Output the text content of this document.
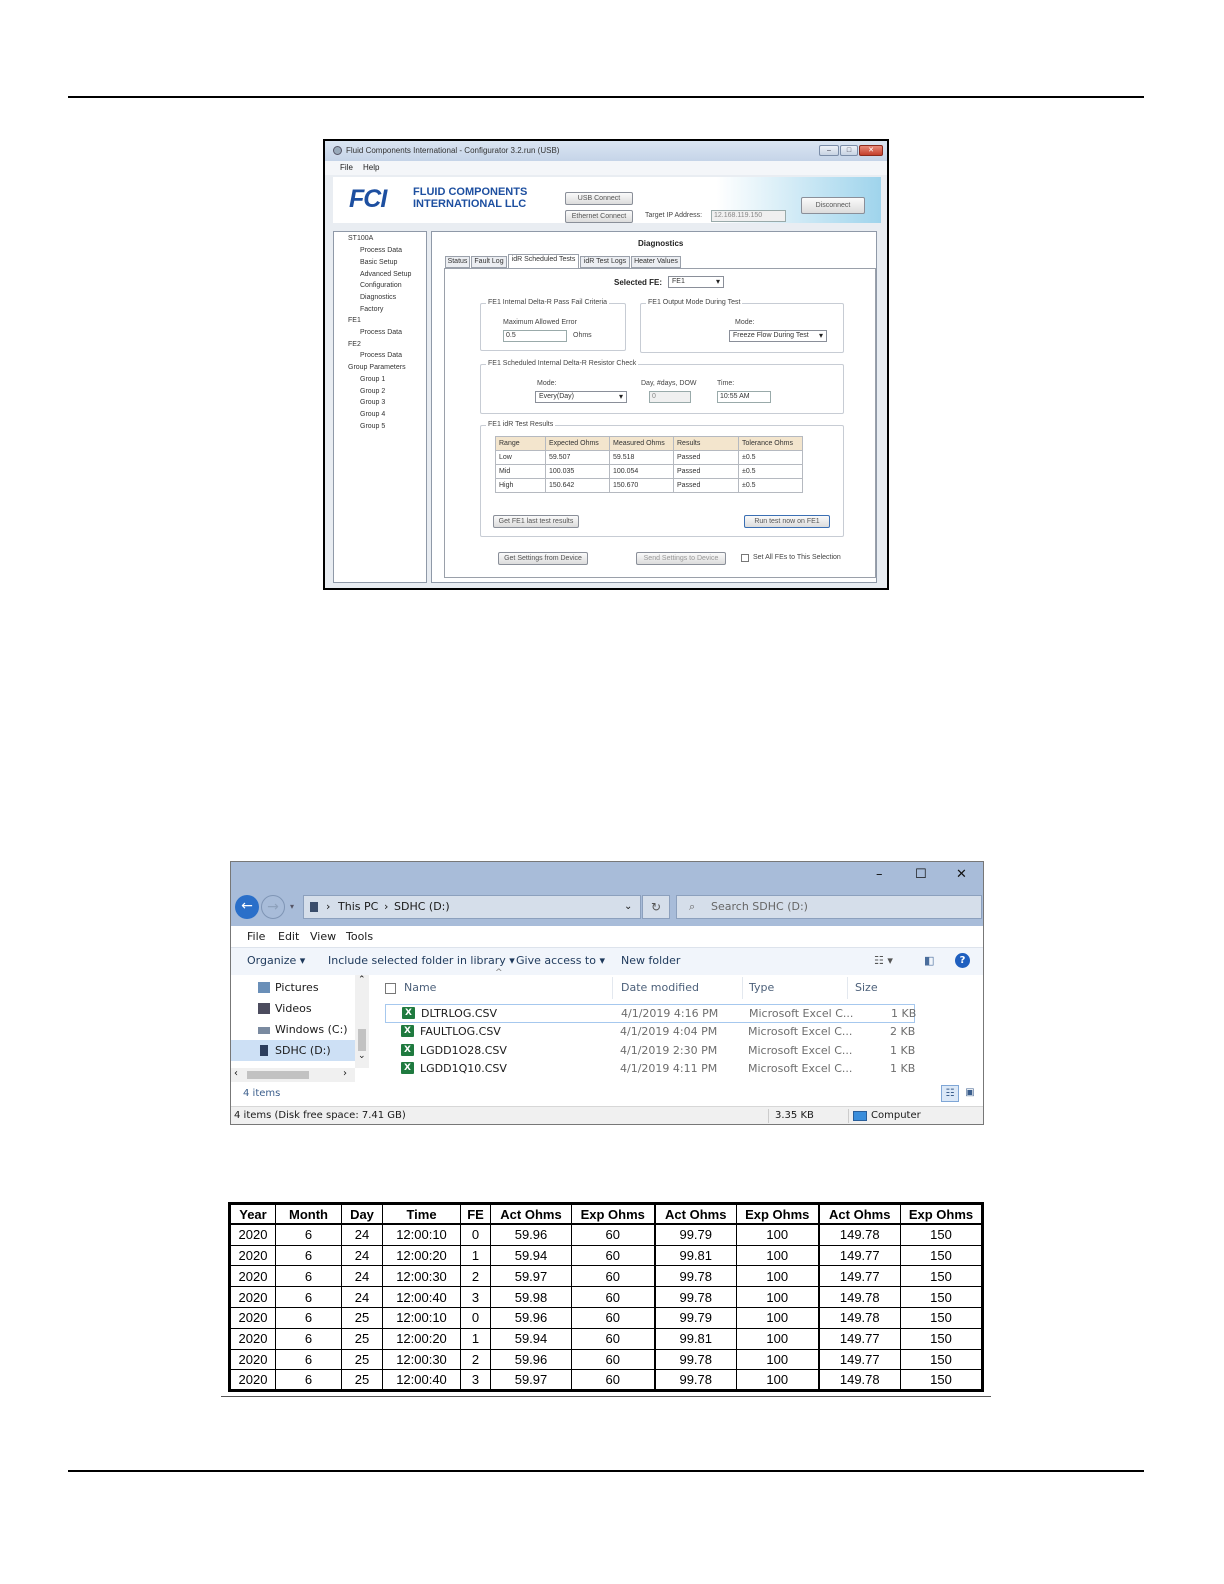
Fluid Components International - Configurator 3.2.run (USB)	–	□	✕
File Help
FCI FLUID COMPONENTS
INTERNATIONAL LLC	USB Connect
Ethernet Connect	Target IP Address:	12.168.119.150
Disconnect
ST100A
Process Data
Basic Setup
Advanced Setup
Configuration
Diagnostics
Factory
FE1
Process Data
FE2
Process Data
Group Parameters
Group 1
Group 2
Group 3
Group 4
Group 5
Diagnostics
Status Fault Log	idR Scheduled Tests	idR Test Logs	Heater Values
Selected FE:	FE1 ▾
FE1 Internal Delta-R Pass Fail Criteria
Maximum Allowed Error
0.5	Ohms
FE1 Output Mode During Test
Mode:
Freeze Flow During Test ▾
FE1 Scheduled Internal Delta-R Resistor Check
Mode:
Every(Day) ▾
Day, #days, DOW
0
Time:
10:55 AM
FE1 idR Test Results
Range	Expected Ohms	Measured Ohms	Results	Tolerance Ohms
Low	59.507	59.518	Passed	±0.5
Mid	100.035	100.054	Passed	±0.5
High	150.642	150.670	Passed	±0.5
Get FE1 last test results	Run test now on FE1
Get Settings from Device	Send Settings to Device	Set All FEs to This Selection
–	☐ ✕
←	→	▾	› This PC › SDHC (D:)	⌄	↻	⌕ Search SDHC (D:)
File Edit View Tools
Organize ▾ Include selected folder in library ▾ Give access to ▾ New folder	☷ ▾	◧	?
Pictures
Videos
Windows (C:)
SDHC (D:)
⌃
⌄
‹	›
^
Name	Date modified	Type	Size
X DLTRLOG.CSV	4/1/2019 4:16 PM	Microsoft Excel C...	1 KB
X FAULTLOG.CSV	4/1/2019 4:04 PM	Microsoft Excel C...	2 KB
X LGDD1O28.CSV	4/1/2019 2:30 PM	Microsoft Excel C...	1 KB
X LGDD1Q10.CSV	4/1/2019 4:11 PM	Microsoft Excel C...	1 KB
4 items	☷	▣
4 items (Disk free space: 7.41 GB)	3.35 KB	Computer
Year	Month	Day	Time	FE	Act Ohms	Exp Ohms	Act Ohms	Exp Ohms	Act Ohms	Exp Ohms
2020	6	24	12:00:10	0	59.96	60	99.79	100	149.78	150
2020	6	24	12:00:20	1	59.94	60	99.81	100	149.77	150
2020	6	24	12:00:30	2	59.97	60	99.78	100	149.77	150
2020	6	24	12:00:40	3	59.98	60	99.78	100	149.78	150
2020	6	25	12:00:10	0	59.96	60	99.79	100	149.78	150
2020	6	25	12:00:20	1	59.94	60	99.81	100	149.77	150
2020	6	25	12:00:30	2	59.96	60	99.78	100	149.77	150
2020	6	25	12:00:40	3	59.97	60	99.78	100	149.78	150
